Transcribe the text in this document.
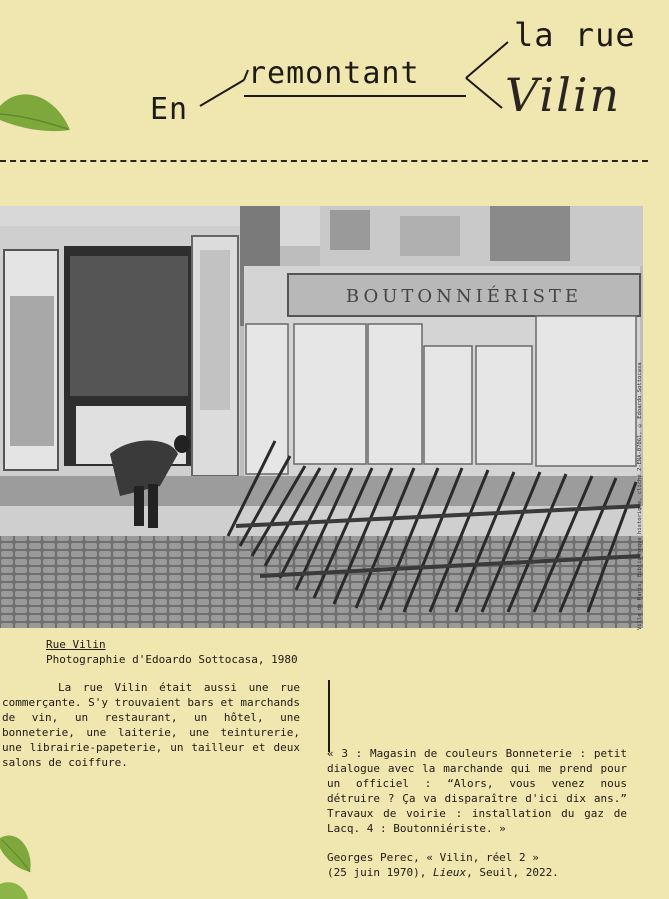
En
remontant
la rue
Vilin
BOUTONNIÉRISTE
Ville de Paris, Bibliothèque historique, cliché 2-ENA-07061, © Edoardo Sottocasa
Rue Vilin
Photographie d'Edoardo Sottocasa, 1980
La rue Vilin était aussi une rue commerçante. S'y trouvaient bars et marchands de vin, un restaurant, un hôtel, une bonneterie, une laiterie, une teinturerie, une librairie-papeterie, un tailleur et deux salons de coiffure.
« 3 : Magasin de couleurs Bonneterie : petit dialogue avec la marchande qui me prend pour un officiel : “Alors, vous venez nous détruire ? Ça va disparaître d'ici dix ans.” Travaux de voirie : installation du gaz de Lacq. 4 : Boutonniériste. »
Georges Perec, « Vilin, réel 2 »
(25 juin 1970), Lieux, Seuil, 2022.
